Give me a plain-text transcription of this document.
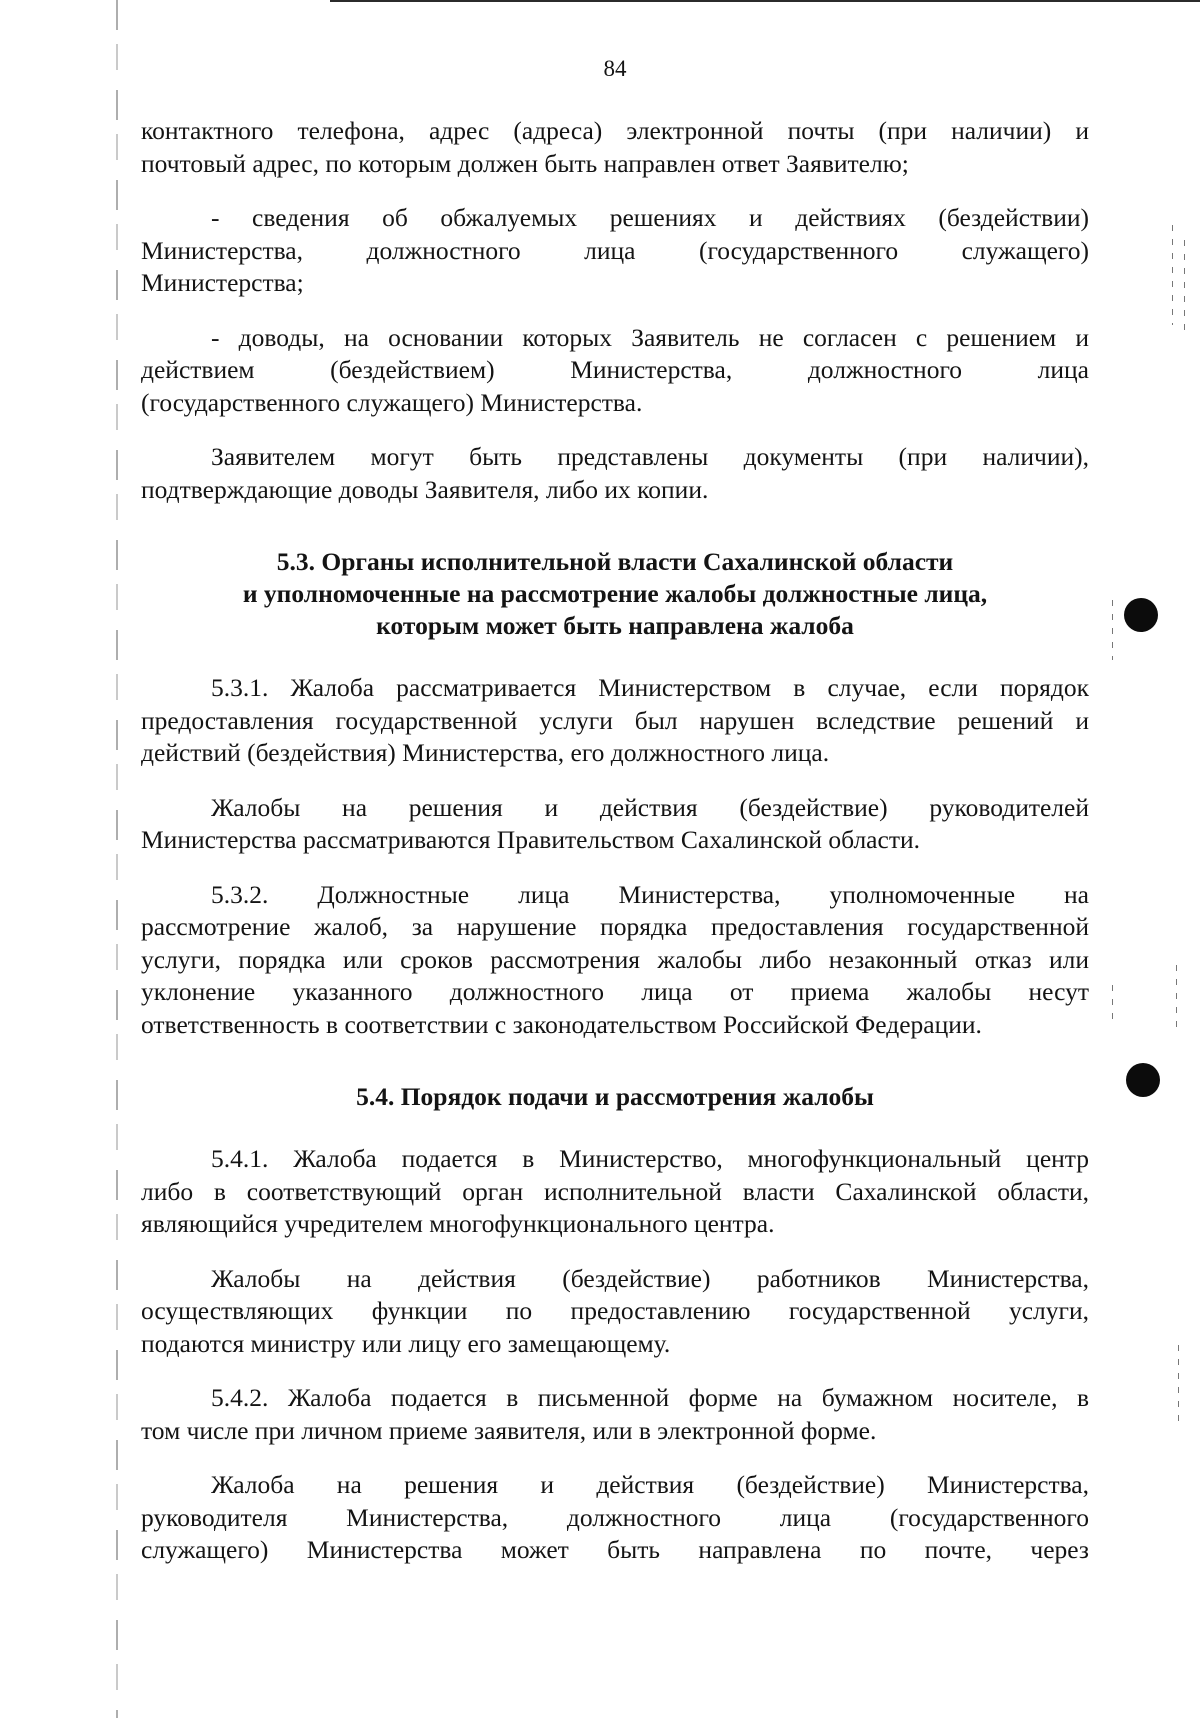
84
контактного телефона, адрес (адреса) электронной почты (при наличии) и
почтовый адрес, по которым должен быть направлен ответ Заявителю;
- сведения об обжалуемых решениях и действиях (бездействии)
Министерства, должностного лица (государственного служащего)
Министерства;
- доводы, на основании которых Заявитель не согласен с решением и
действием (бездействием) Министерства, должностного лица
(государственного служащего) Министерства.
Заявителем могут быть представлены документы (при наличии),
подтверждающие доводы Заявителя, либо их копии.
5.3. Органы исполнительной власти Сахалинской области
и уполномоченные на рассмотрение жалобы должностные лица,
которым может быть направлена жалоба
5.3.1. Жалоба рассматривается Министерством в случае, если порядок
предоставления государственной услуги был нарушен вследствие решений и
действий (бездействия) Министерства, его должностного лица.
Жалобы на решения и действия (бездействие) руководителей
Министерства рассматриваются Правительством Сахалинской области.
5.3.2. Должностные лица Министерства, уполномоченные на
рассмотрение жалоб, за нарушение порядка предоставления государственной
услуги, порядка или сроков рассмотрения жалобы либо незаконный отказ или
уклонение указанного должностного лица от приема жалобы несут
ответственность в соответствии с законодательством Российской Федерации.
5.4. Порядок подачи и рассмотрения жалобы
5.4.1. Жалоба подается в Министерство, многофункциональный центр
либо в соответствующий орган исполнительной власти Сахалинской области,
являющийся учредителем многофункционального центра.
Жалобы на действия (бездействие) работников Министерства,
осуществляющих функции по предоставлению государственной услуги,
подаются министру или лицу его замещающему.
5.4.2. Жалоба подается в письменной форме на бумажном носителе, в
том числе при личном приеме заявителя, или в электронной форме.
Жалоба на решения и действия (бездействие) Министерства,
руководителя Министерства, должностного лица (государственного
служащего) Министерства может быть направлена по почте, через
